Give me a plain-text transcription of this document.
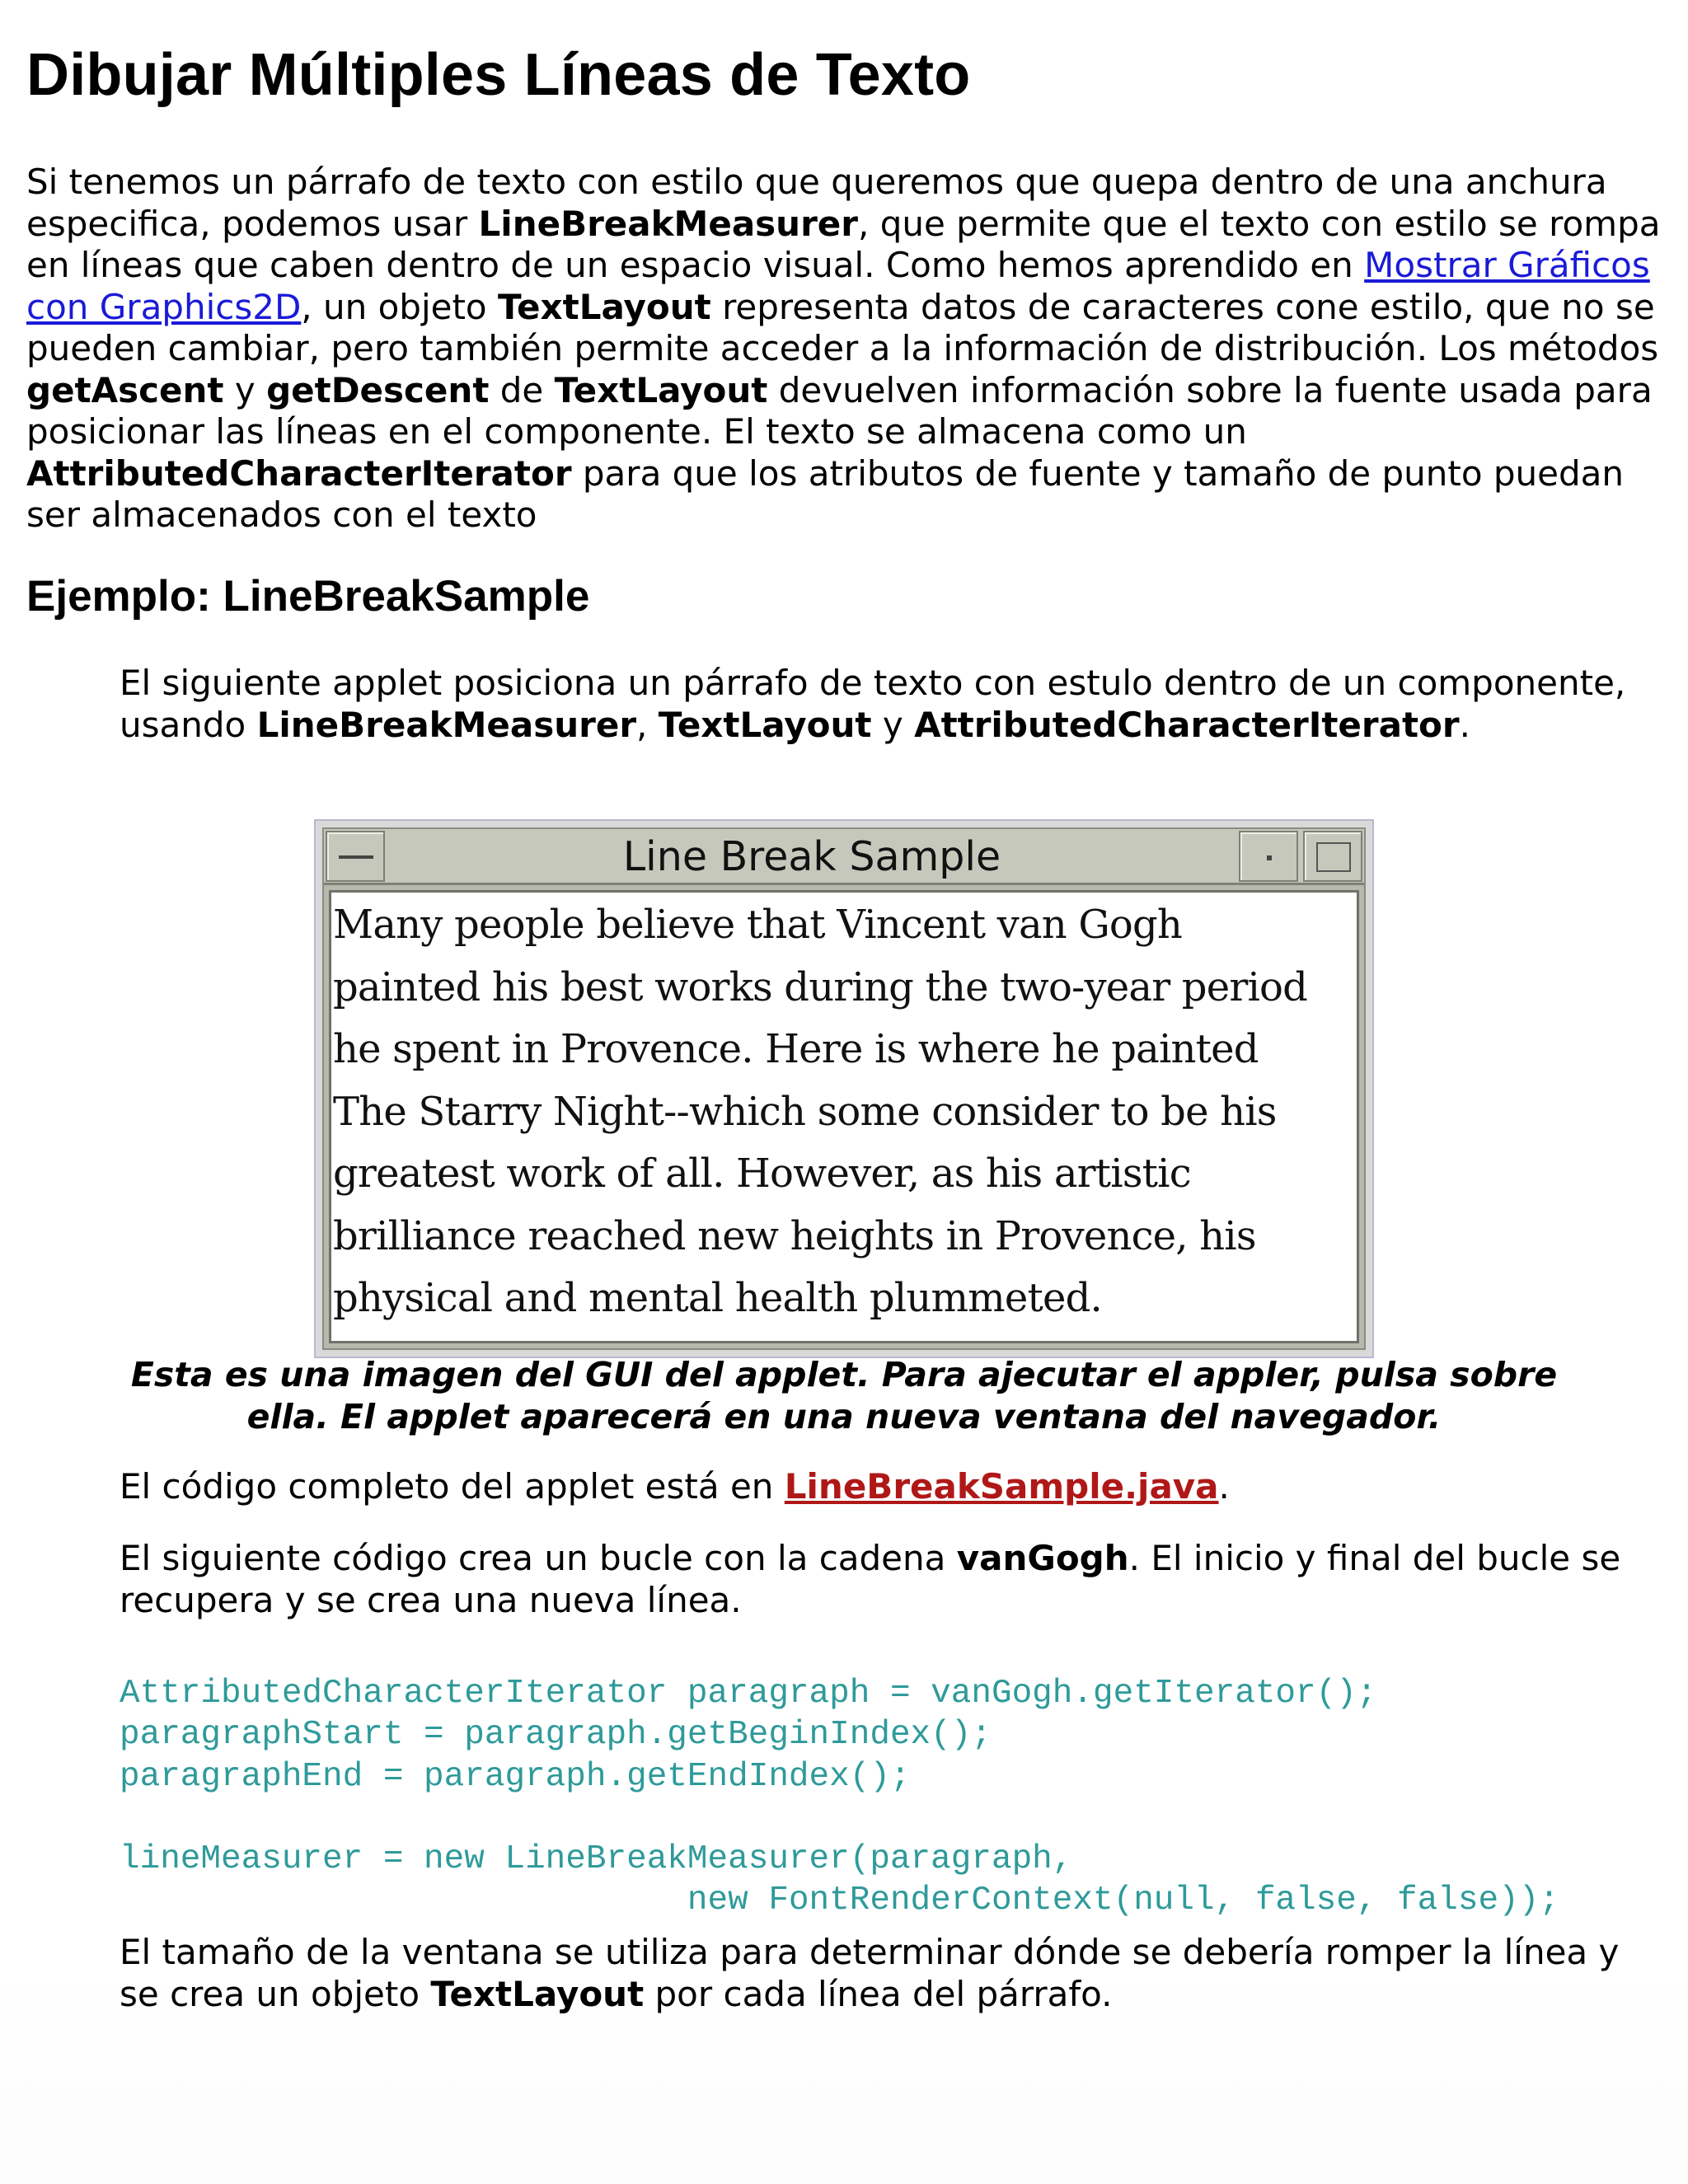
Dibujar Múltiples Líneas de Texto

Si tenemos un párrafo de texto con estilo que queremos que quepa dentro de una anchura especifica, podemos usar LineBreakMeasurer, que permite que el texto con estilo se rompa en líneas que caben dentro de un espacio visual. Como hemos aprendido en Mostrar Gráficos con Graphics2D, un objeto TextLayout representa datos de caracteres cone estilo, que no se pueden cambiar, pero también permite acceder a la información de distribución. Los métodos getAscent y getDescent de TextLayout devuelven información sobre la fuente usada para posicionar las líneas en el componente. El texto se almacena como un AttributedCharacterIterator para que los atributos de fuente y tamaño de punto puedan ser almacenados con el texto

Ejemplo: LineBreakSample

El siguiente applet posiciona un párrafo de texto con estulo dentro de un componente, usando LineBreakMeasurer, TextLayout y AttributedCharacterIterator.

Line Break Sample
Many people believe that Vincent van Gogh
painted his best works during the two-year period
he spent in Provence. Here is where he painted
The Starry Night--which some consider to be his
greatest work of all. However, as his artistic
brilliance reached new heights in Provence, his
physical and mental health plummeted.

Esta es una imagen del GUI del applet. Para ajecutar el appler, pulsa sobre ella. El applet aparecerá en una nueva ventana del navegador.

El código completo del applet está en LineBreakSample.java.

El siguiente código crea un bucle con la cadena vanGogh. El inicio y final del bucle se recupera y se crea una nueva línea.

AttributedCharacterIterator paragraph = vanGogh.getIterator();
paragraphStart = paragraph.getBeginIndex();
paragraphEnd = paragraph.getEndIndex();

lineMeasurer = new LineBreakMeasurer(paragraph,
new FontRenderContext(null, false, false));

El tamaño de la ventana se utiliza para determinar dónde se debería romper la línea y se crea un objeto TextLayout por cada línea del párrafo.
